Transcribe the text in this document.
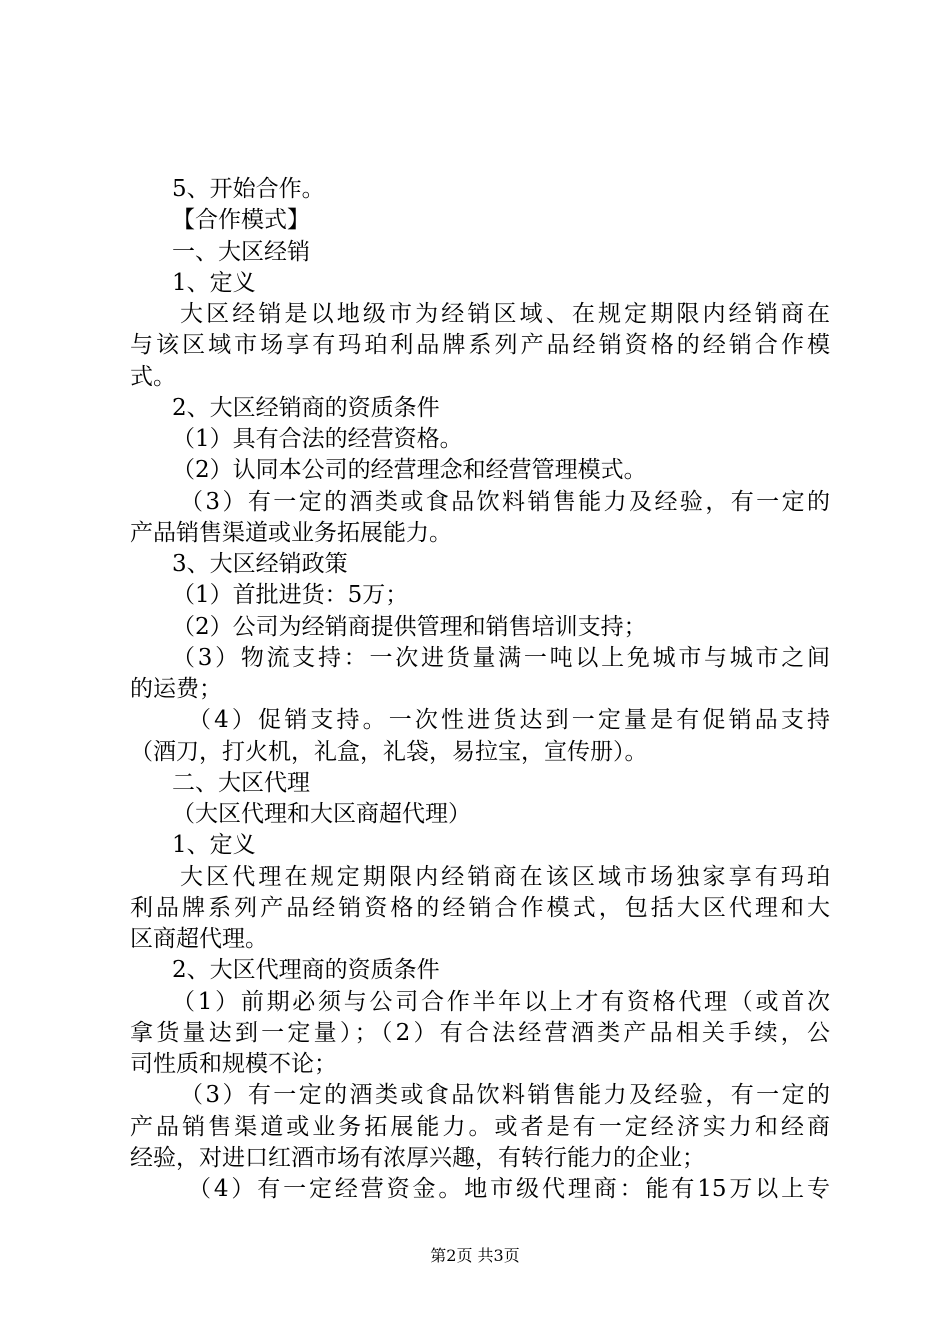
5、开始合作。
【合作模式】
一、大区经销
1、定义
大区经销是以地级市为经销区域、在规定期限内经销商在
与该区域市场享有玛珀利品牌系列产品经销资格的经销合作模
式。
2、大区经销商的资质条件
（1）具有合法的经营资格。
（2）认同本公司的经营理念和经营管理模式。
（3）有一定的酒类或食品饮料销售能力及经验，有一定的
产品销售渠道或业务拓展能力。
3、大区经销政策
（1）首批进货：5万；
（2）公司为经销商提供管理和销售培训支持；
（3）物流支持：一次进货量满一吨以上免城市与城市之间
的运费；
（4）促销支持。一次性进货达到一定量是有促销品支持
（酒刀，打火机，礼盒，礼袋，易拉宝，宣传册）。
二、大区代理
（大区代理和大区商超代理）
1、定义
大区代理在规定期限内经销商在该区域市场独家享有玛珀
利品牌系列产品经销资格的经销合作模式，包括大区代理和大
区商超代理。
2、大区代理商的资质条件
（1）前期必须与公司合作半年以上才有资格代理（或首次
拿货量达到一定量）；（2）有合法经营酒类产品相关手续，公
司性质和规模不论；
（3）有一定的酒类或食品饮料销售能力及经验，有一定的
产品销售渠道或业务拓展能力。或者是有一定经济实力和经商
经验，对进口红酒市场有浓厚兴趣，有转行能力的企业；
（4）有一定经营资金。地市级代理商：能有15万以上专
第2页 共3页
